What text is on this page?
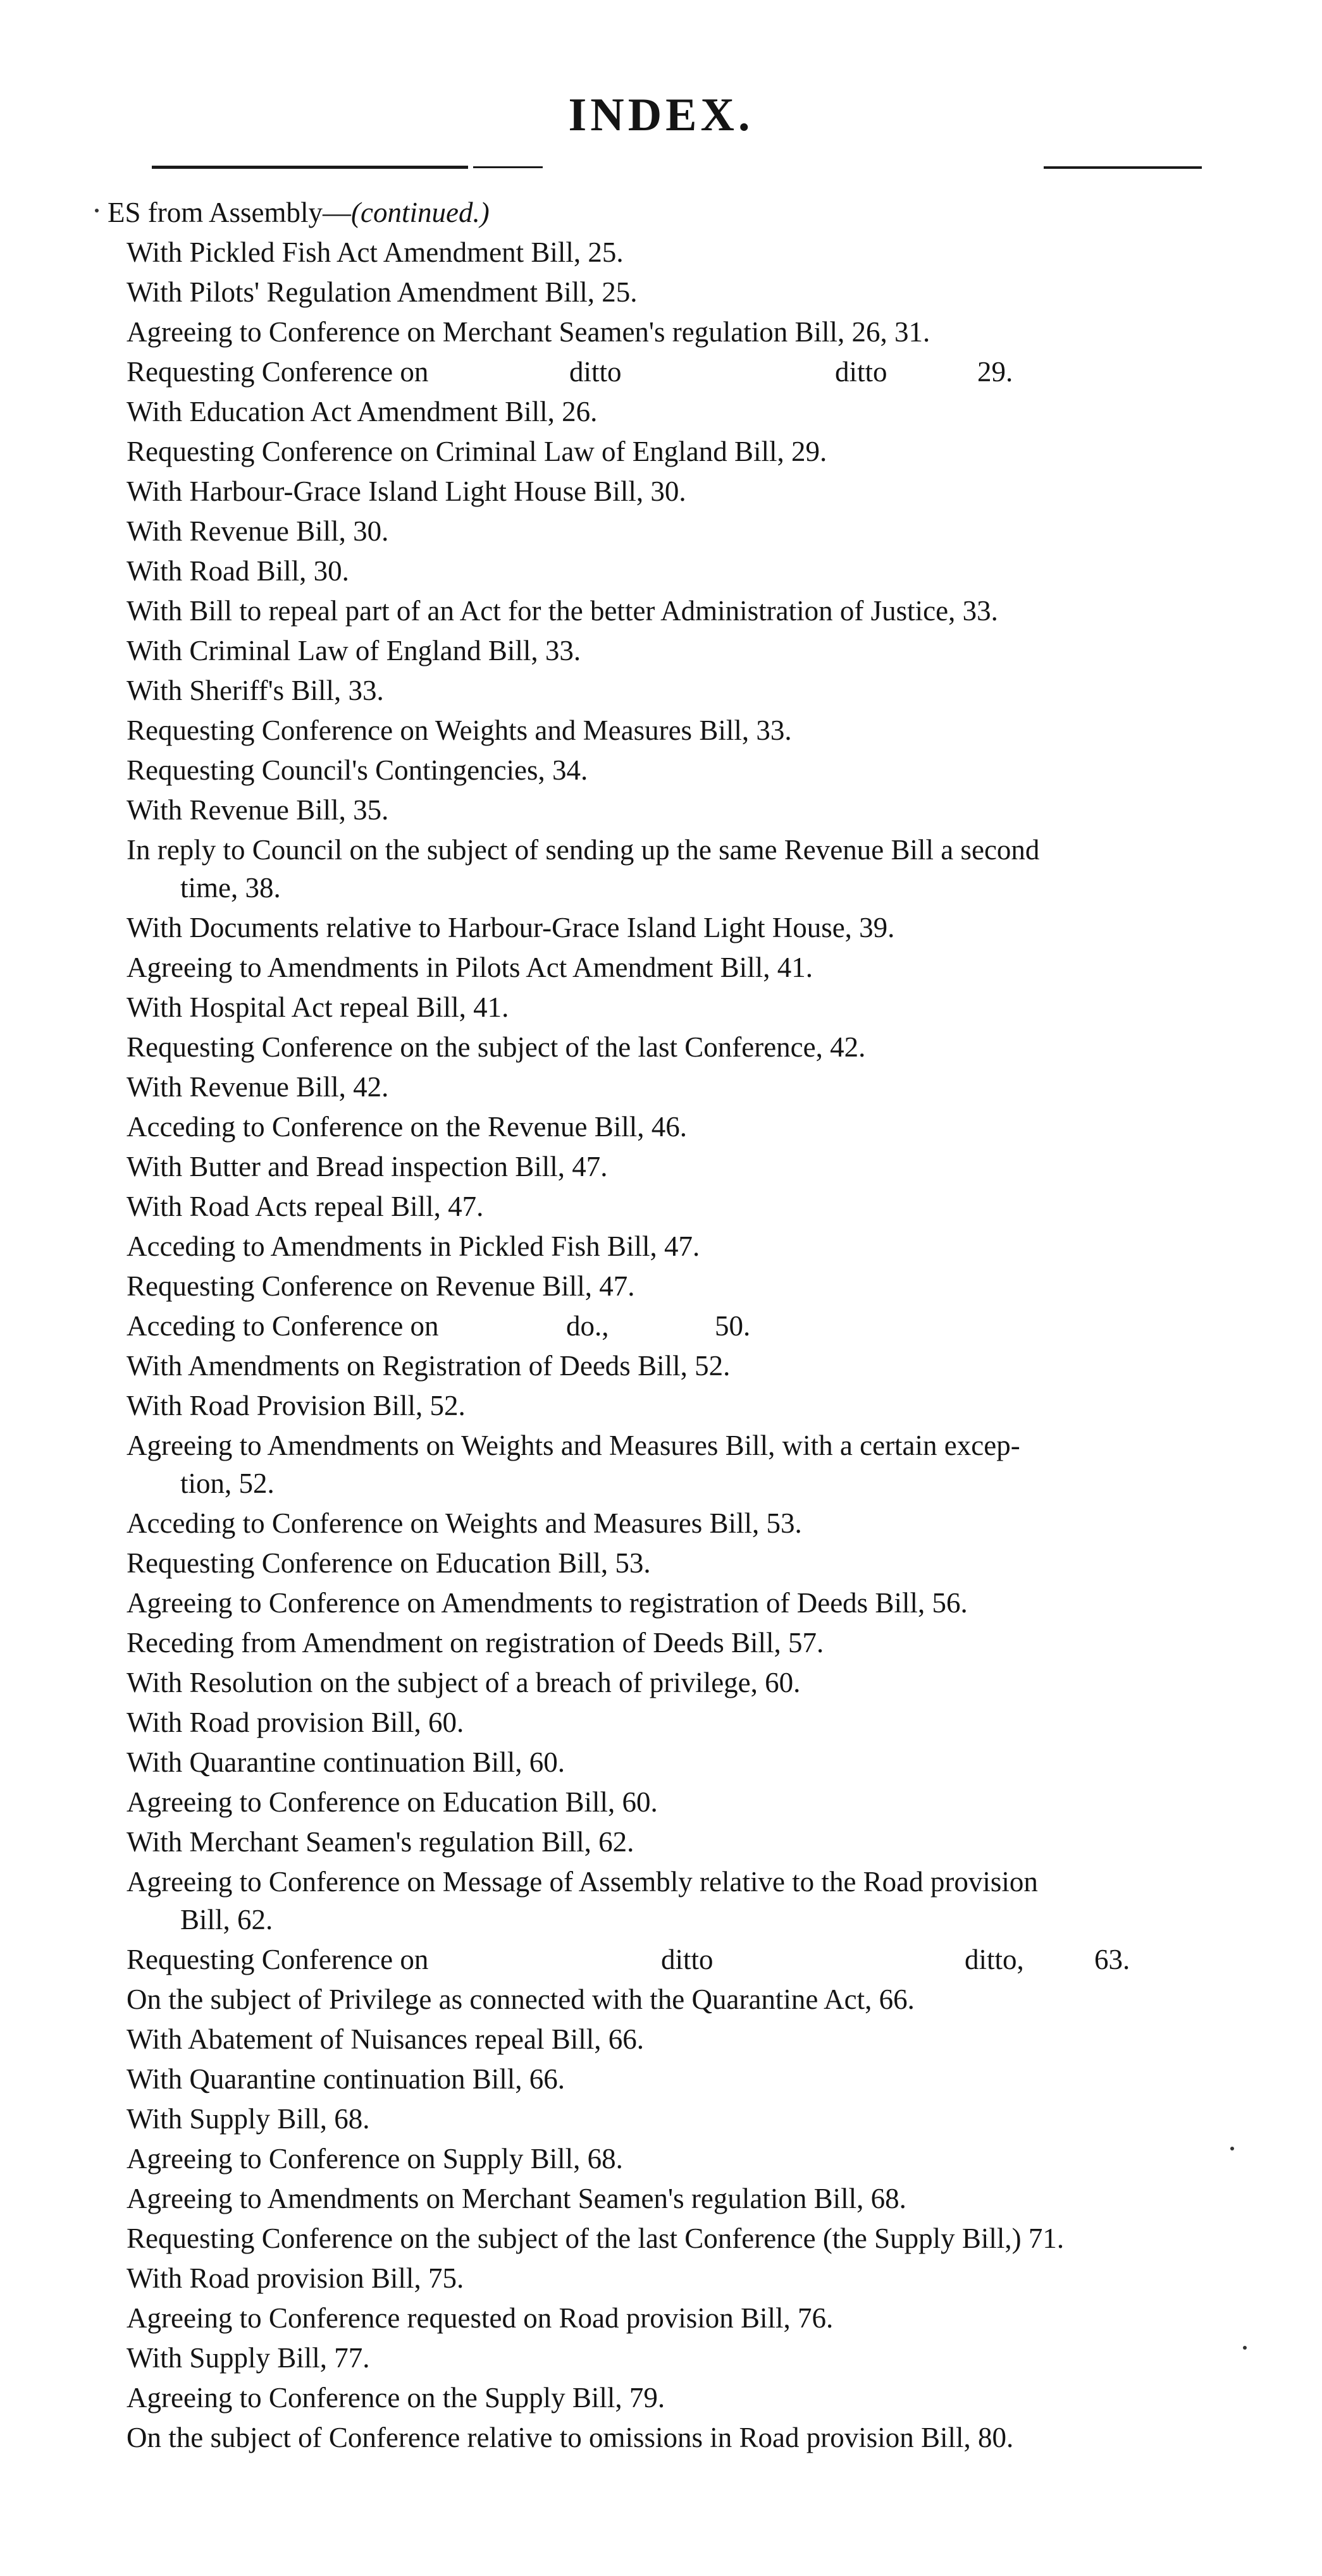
INDEX.
ES from Assembly—(continued.)
With Pickled Fish Act Amendment Bill, 25.
With Pilots' Regulation Amendment Bill, 25.
Agreeing to Conference on Merchant Seamen's regulation Bill, 26, 31.
Requesting Conference on	ditto	ditto	29.
With Education Act Amendment Bill, 26.
Requesting Conference on Criminal Law of England Bill, 29.
With Harbour-Grace Island Light House Bill, 30.
With Revenue Bill, 30.
With Road Bill, 30.
With Bill to repeal part of an Act for the better Administration of Justice, 33.
With Criminal Law of England Bill, 33.
With Sheriff's Bill, 33.
Requesting Conference on Weights and Measures Bill, 33.
Requesting Council's Contingencies, 34.
With Revenue Bill, 35.
In reply to Council on the subject of sending up the same Revenue Bill a second
time, 38.
With Documents relative to Harbour-Grace Island Light House, 39.
Agreeing to Amendments in Pilots Act Amendment Bill, 41.
With Hospital Act repeal Bill, 41.
Requesting Conference on the subject of the last Conference, 42.
With Revenue Bill, 42.
Acceding to Conference on the Revenue Bill, 46.
With Butter and Bread inspection Bill, 47.
With Road Acts repeal Bill, 47.
Acceding to Amendments in Pickled Fish Bill, 47.
Requesting Conference on Revenue Bill, 47.
Acceding to Conference on	do.,	50.
With Amendments on Registration of Deeds Bill, 52.
With Road Provision Bill, 52.
Agreeing to Amendments on Weights and Measures Bill, with a certain excep-
tion, 52.
Acceding to Conference on Weights and Measures Bill, 53.
Requesting Conference on Education Bill, 53.
Agreeing to Conference on Amendments to registration of Deeds Bill, 56.
Receding from Amendment on registration of Deeds Bill, 57.
With Resolution on the subject of a breach of privilege, 60.
With Road provision Bill, 60.
With Quarantine continuation Bill, 60.
Agreeing to Conference on Education Bill, 60.
With Merchant Seamen's regulation Bill, 62.
Agreeing to Conference on Message of Assembly relative to the Road provision
Bill, 62.
Requesting Conference on	ditto	ditto, 63.
On the subject of Privilege as connected with the Quarantine Act, 66.
With Abatement of Nuisances repeal Bill, 66.
With Quarantine continuation Bill, 66.
With Supply Bill, 68.
Agreeing to Conference on Supply Bill, 68.
Agreeing to Amendments on Merchant Seamen's regulation Bill, 68.
Requesting Conference on the subject of the last Conference (the Supply Bill,) 71.
With Road provision Bill, 75.
Agreeing to Conference requested on Road provision Bill, 76.
With Supply Bill, 77.
Agreeing to Conference on the Supply Bill, 79.
On the subject of Conference relative to omissions in Road provision Bill, 80.
